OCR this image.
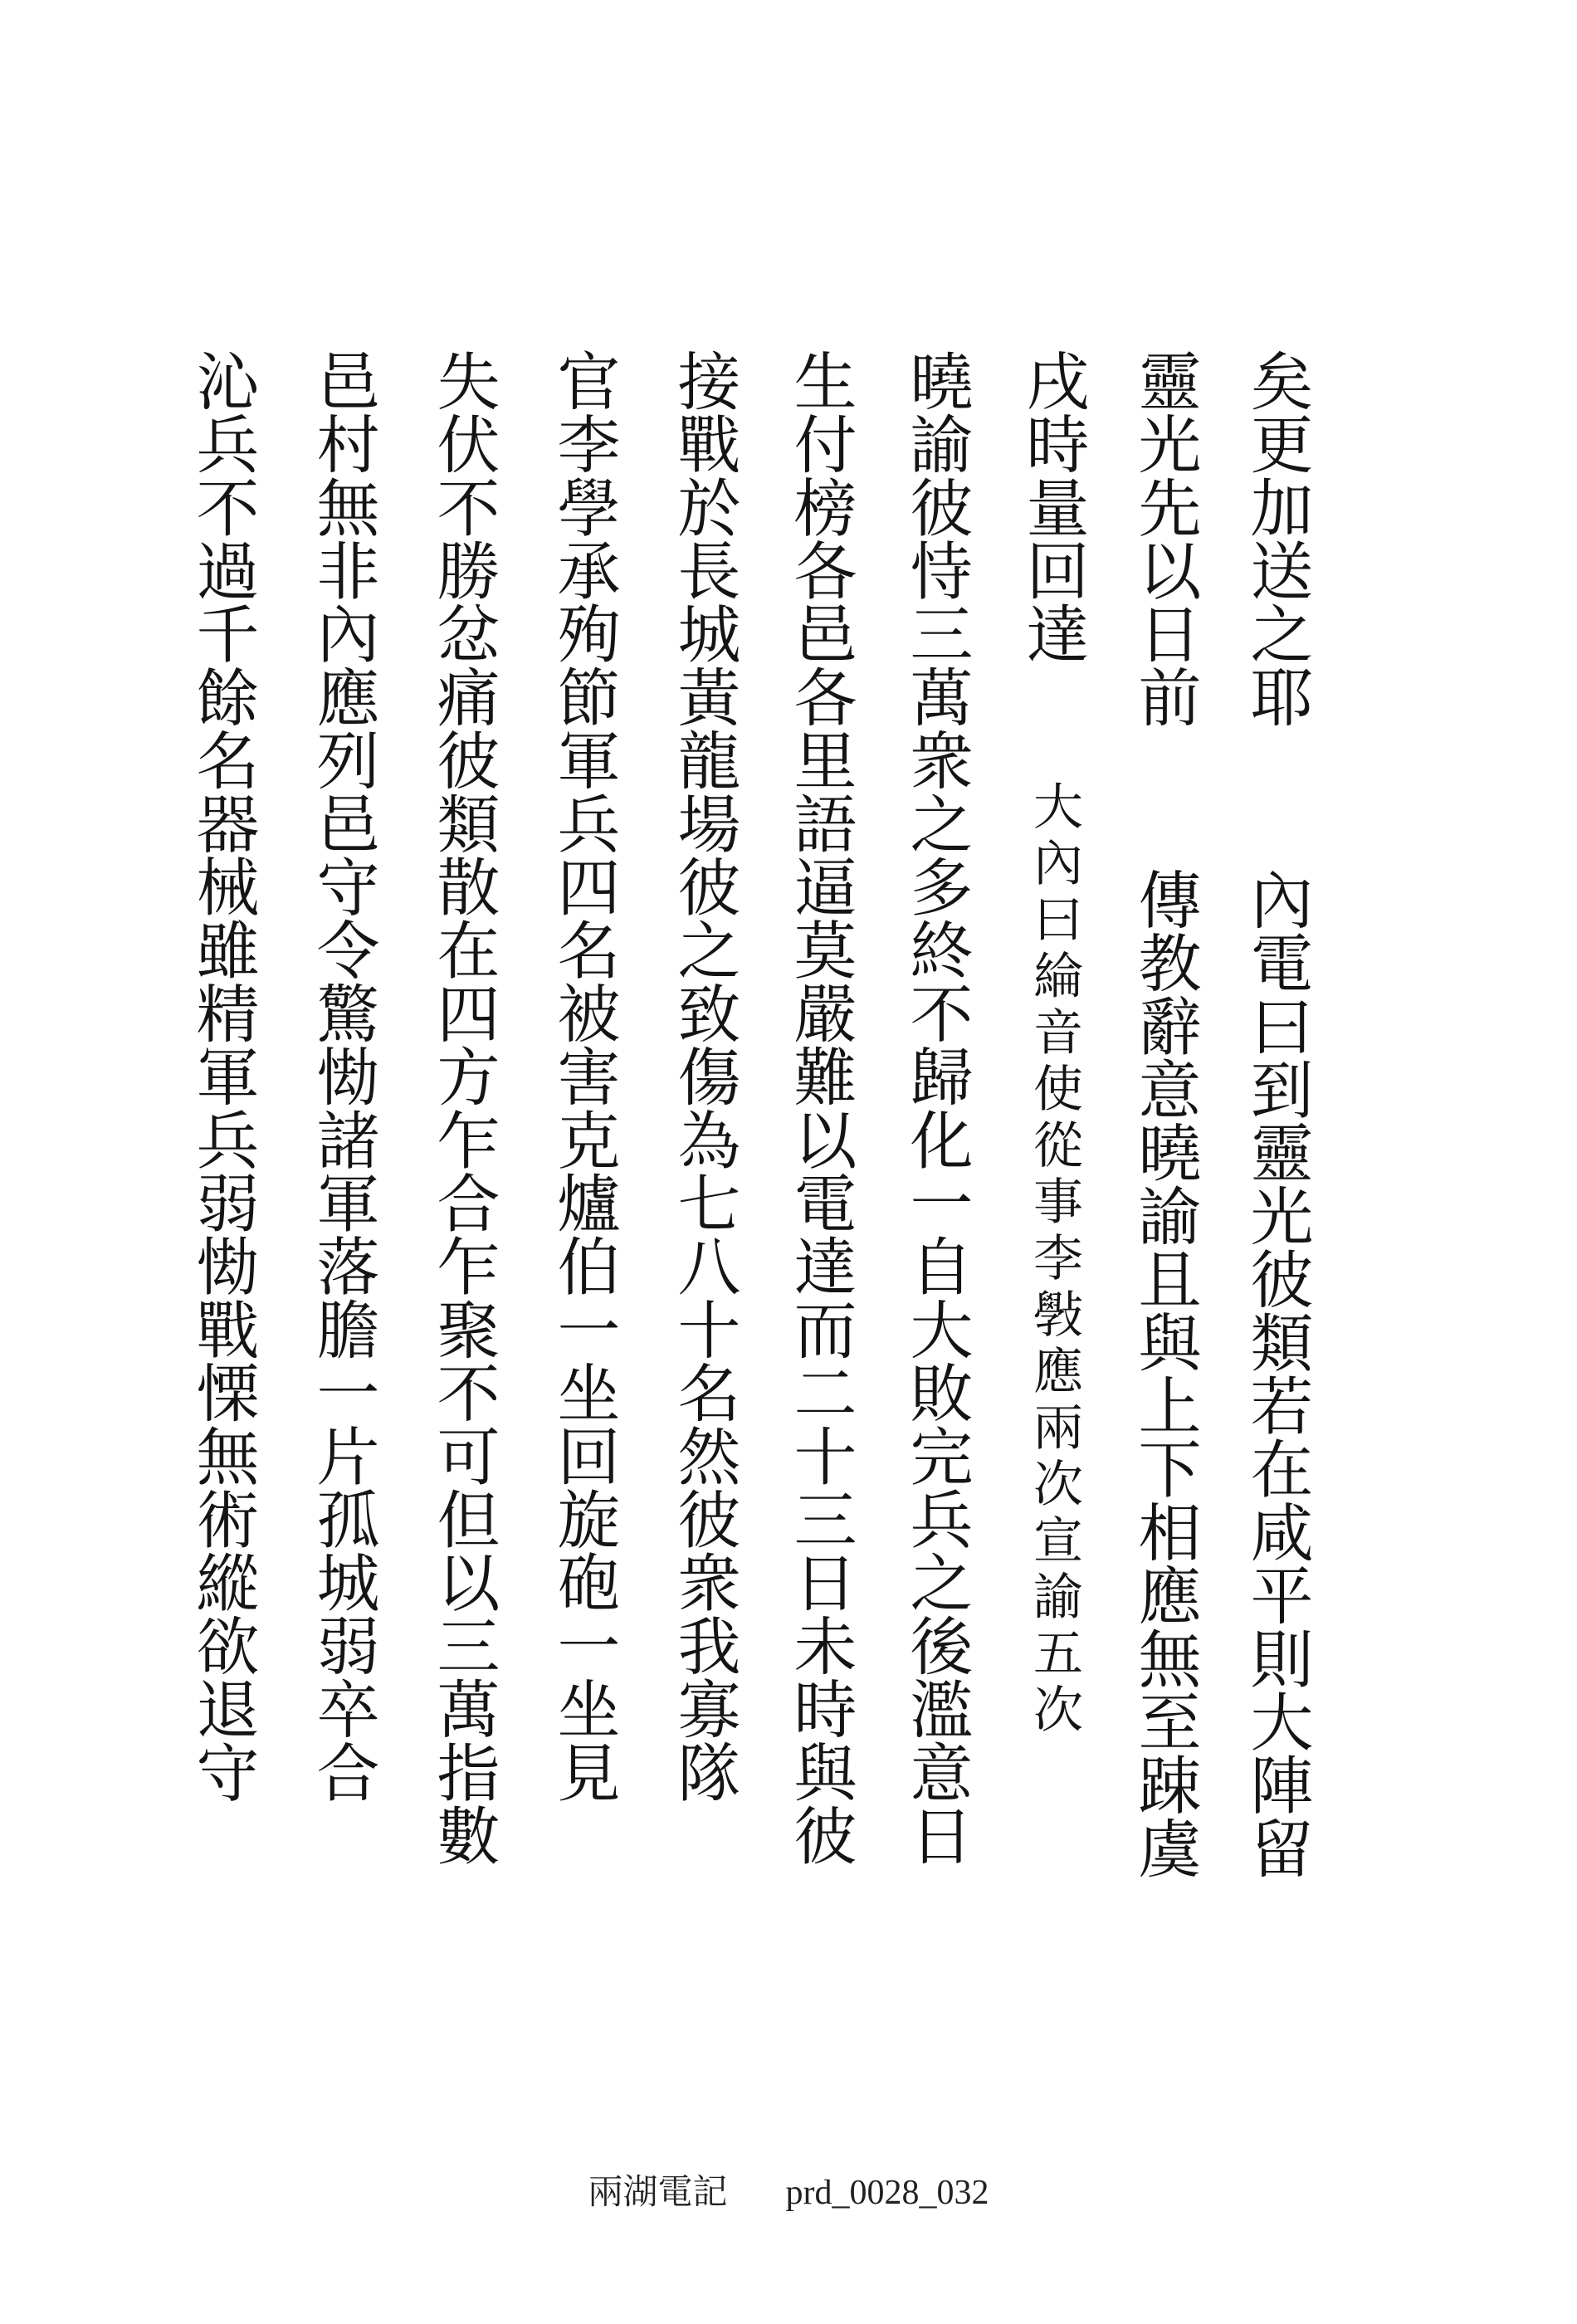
矣更加送之耶
內電曰到靈光彼類若在咸平則大陣留
靈光先以日前
傳教辭意曉諭且與上下相應無至踈虞
戌時量回達
大內曰綸音使從事李斅應兩次宣諭五次
曉諭彼恃三萬衆之多終不歸化一自大敗完兵之後濫意日
生付榜各邑各里語逼莫嚴難以電達而二十三日未時與彼
接戰於長城黃龍場彼之致傷為七八十名然彼衆我寡隊
官李學承殉節軍兵四名被害克爐伯一坐回旋砲一坐見
失伏不勝忿痛彼類散在四方乍合乍聚不可但以三萬指數
邑村無非內應列邑守令驚㤼諸軍落膽一片孤城弱卒合
沁兵不過千餘名器械雖精軍兵弱㤼戰慄無術縱欲退守
兩湖電記 prd_0028_032
